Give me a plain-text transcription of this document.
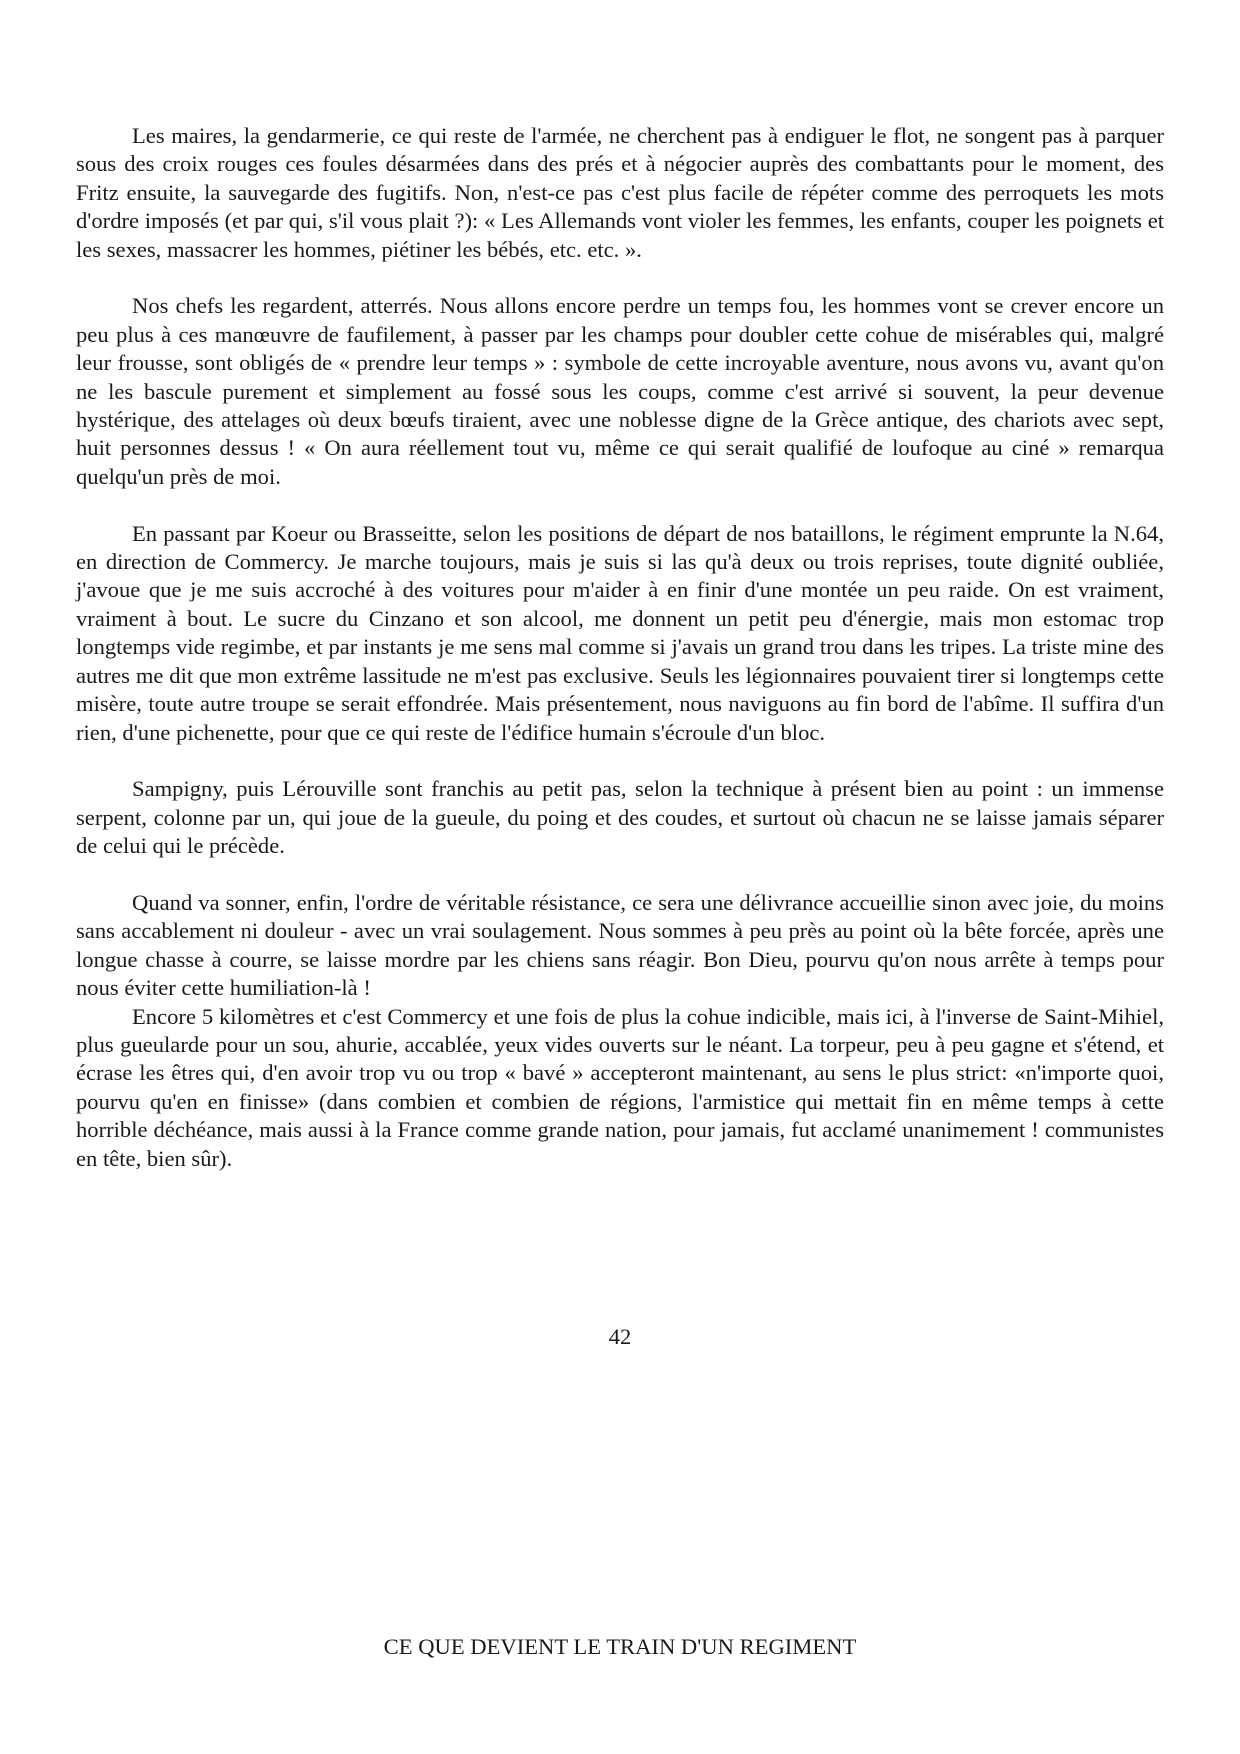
Les maires, la gendarmerie, ce qui reste de l'armée, ne cherchent pas à endiguer le flot, ne songent pas à parquer sous des croix rouges ces foules désarmées dans des prés et à négocier auprès des combattants pour le moment, des Fritz ensuite, la sauvegarde des fugitifs. Non, n'est-ce pas c'est plus facile de répéter comme des perroquets les mots d'ordre imposés (et par qui, s'il vous plait ?): « Les Allemands vont violer les femmes, les enfants, couper les poignets et les sexes, massacrer les hommes, piétiner les bébés, etc. etc. ».

Nos chefs les regardent, atterrés. Nous allons encore perdre un temps fou, les hommes vont se crever encore un peu plus à ces manœuvre de faufilement, à passer par les champs pour doubler cette cohue de misérables qui, malgré leur frousse, sont obligés de « prendre leur temps » : symbole de cette incroyable aventure, nous avons vu, avant qu'on ne les bascule purement et simplement au fossé sous les coups, comme c'est arrivé si souvent, la peur devenue hystérique, des attelages où deux bœufs tiraient, avec une noblesse digne de la Grèce antique, des chariots avec sept, huit personnes dessus ! « On aura réellement tout vu, même ce qui serait qualifié de loufoque au ciné » remarqua quelqu'un près de moi.

En passant par Koeur ou Brasseitte, selon les positions de départ de nos bataillons, le régiment emprunte la N.64, en direction de Commercy. Je marche toujours, mais je suis si las qu'à deux ou trois reprises, toute dignité oubliée, j'avoue que je me suis accroché à des voitures pour m'aider à en finir d'une montée un peu raide. On est vraiment, vraiment à bout. Le sucre du Cinzano et son alcool, me donnent un petit peu d'énergie, mais mon estomac trop longtemps vide regimbe, et par instants je me sens mal comme si j'avais un grand trou dans les tripes. La triste mine des autres me dit que mon extrême lassitude ne m'est pas exclusive. Seuls les légionnaires pouvaient tirer si longtemps cette misère, toute autre troupe se serait effondrée. Mais présentement, nous naviguons au fin bord de l'abîme. Il suffira d'un rien, d'une pichenette, pour que ce qui reste de l'édifice humain s'écroule d'un bloc.

Sampigny, puis Lérouville sont franchis au petit pas, selon la technique à présent bien au point : un immense serpent, colonne par un, qui joue de la gueule, du poing et des coudes, et surtout où chacun ne se laisse jamais séparer de celui qui le précède.

Quand va sonner, enfin, l'ordre de véritable résistance, ce sera une délivrance accueillie sinon avec joie, du moins sans accablement ni douleur - avec un vrai soulagement. Nous sommes à peu près au point où la bête forcée, après une longue chasse à courre, se laisse mordre par les chiens sans réagir. Bon Dieu, pourvu qu'on nous arrête à temps pour nous éviter cette humiliation-là !

Encore 5 kilomètres et c'est Commercy et une fois de plus la cohue indicible, mais ici, à l'inverse de Saint-Mihiel, plus gueularde pour un sou, ahurie, accablée, yeux vides ouverts sur le néant. La torpeur, peu à peu gagne et s'étend, et écrase les êtres qui, d'en avoir trop vu ou trop « bavé » accepteront maintenant, au sens le plus strict: «n'importe quoi, pourvu qu'en en finisse» (dans combien et combien de régions, l'armistice qui mettait fin en même temps à cette horrible déchéance, mais aussi à la France comme grande nation, pour jamais, fut acclamé unanimement ! communistes en tête, bien sûr).

42
CE QUE DEVIENT LE TRAIN D'UN REGIMENT
